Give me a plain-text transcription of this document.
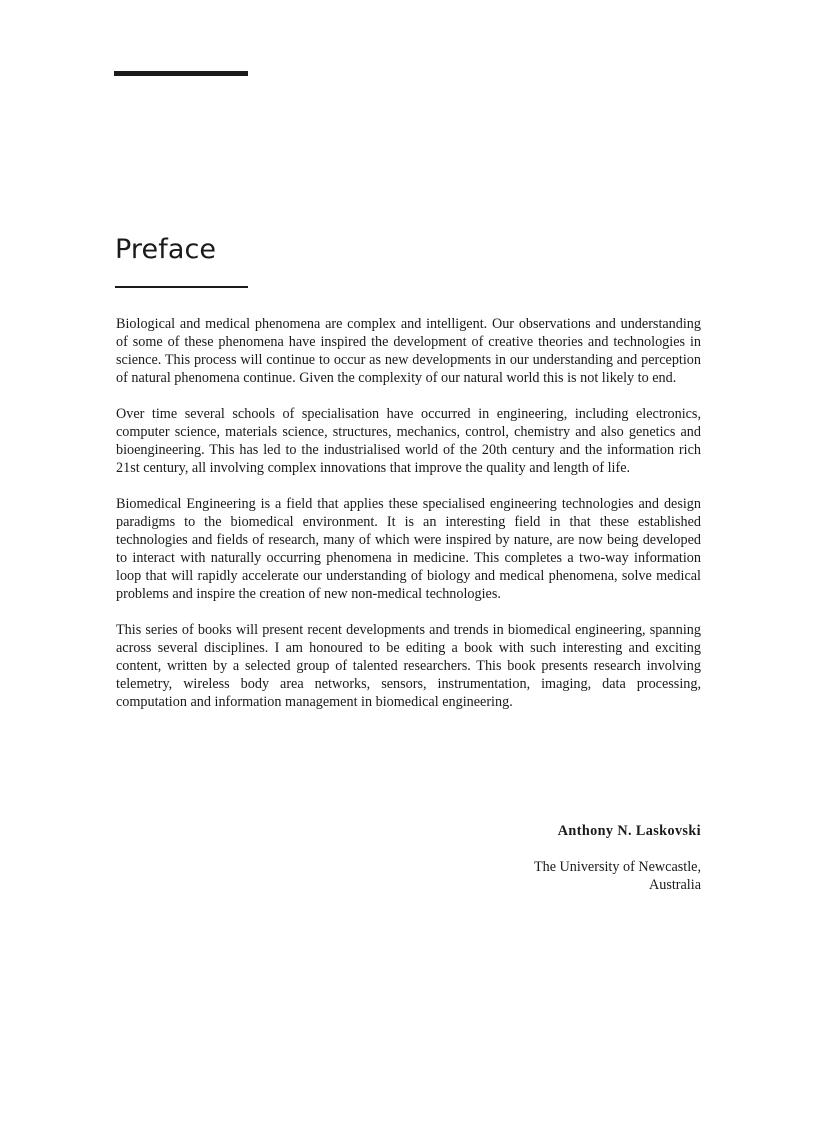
Preface

Biological and medical phenomena are complex and intelligent. Our observations and understanding of some of these phenomena have inspired the development of creative theories and technologies in science. This process will continue to occur as new developments in our understanding and perception of natural phenomena continue. Given the complexity of our natural world this is not likely to end.

Over time several schools of specialisation have occurred in engineering, including electronics, computer science, materials science, structures, mechanics, control, chemistry and also genetics and bioengineering. This has led to the industrialised world of the 20th century and the information rich 21st century, all involving complex innovations that improve the quality and length of life.

Biomedical Engineering is a field that applies these specialised engineering technologies and design paradigms to the biomedical environment. It is an interesting field in that these established technologies and fields of research, many of which were inspired by nature, are now being developed to interact with naturally occurring phenomena in medicine. This completes a two-way information loop that will rapidly accelerate our understanding of biology and medical phenomena, solve medical problems and inspire the creation of new non-medical technologies.

This series of books will present recent developments and trends in biomedical engineering, spanning across several disciplines. I am honoured to be editing a book with such interesting and exciting content, written by a selected group of talented researchers. This book presents research involving telemetry, wireless body area networks, sensors, instrumentation, imaging, data processing, computation and information management in biomedical engineering.

Anthony N. Laskovski
The University of Newcastle,
Australia
